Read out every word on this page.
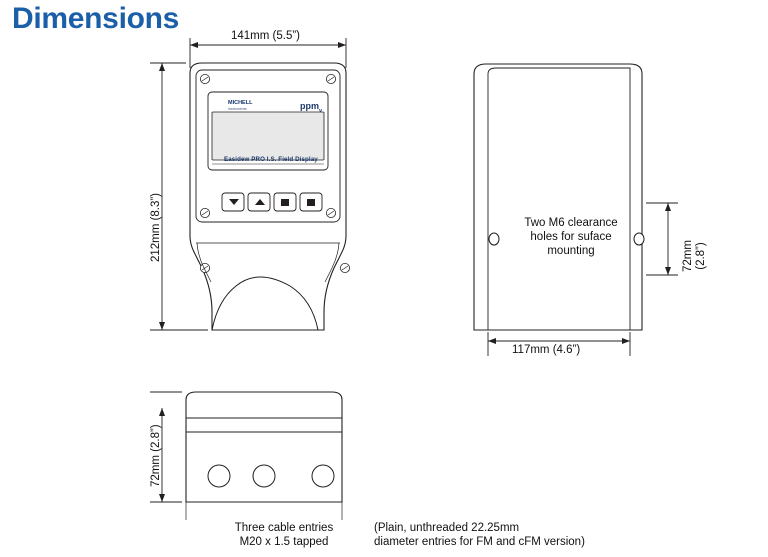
Dimensions
141mm (5.5”)
212mm (8.3”)
MICHELL
Instruments	ppm$_v$
Easidew PRO I.S. Field Display
Two M6 clearance
holes for suface
mounting
117mm (4.6”)
72mm
(2.8”)
72mm (2.8”)
Three cable entries
M20 x 1.5 tapped
(Plain, unthreaded 22.25mm
diameter entries for FM and cFM version)
